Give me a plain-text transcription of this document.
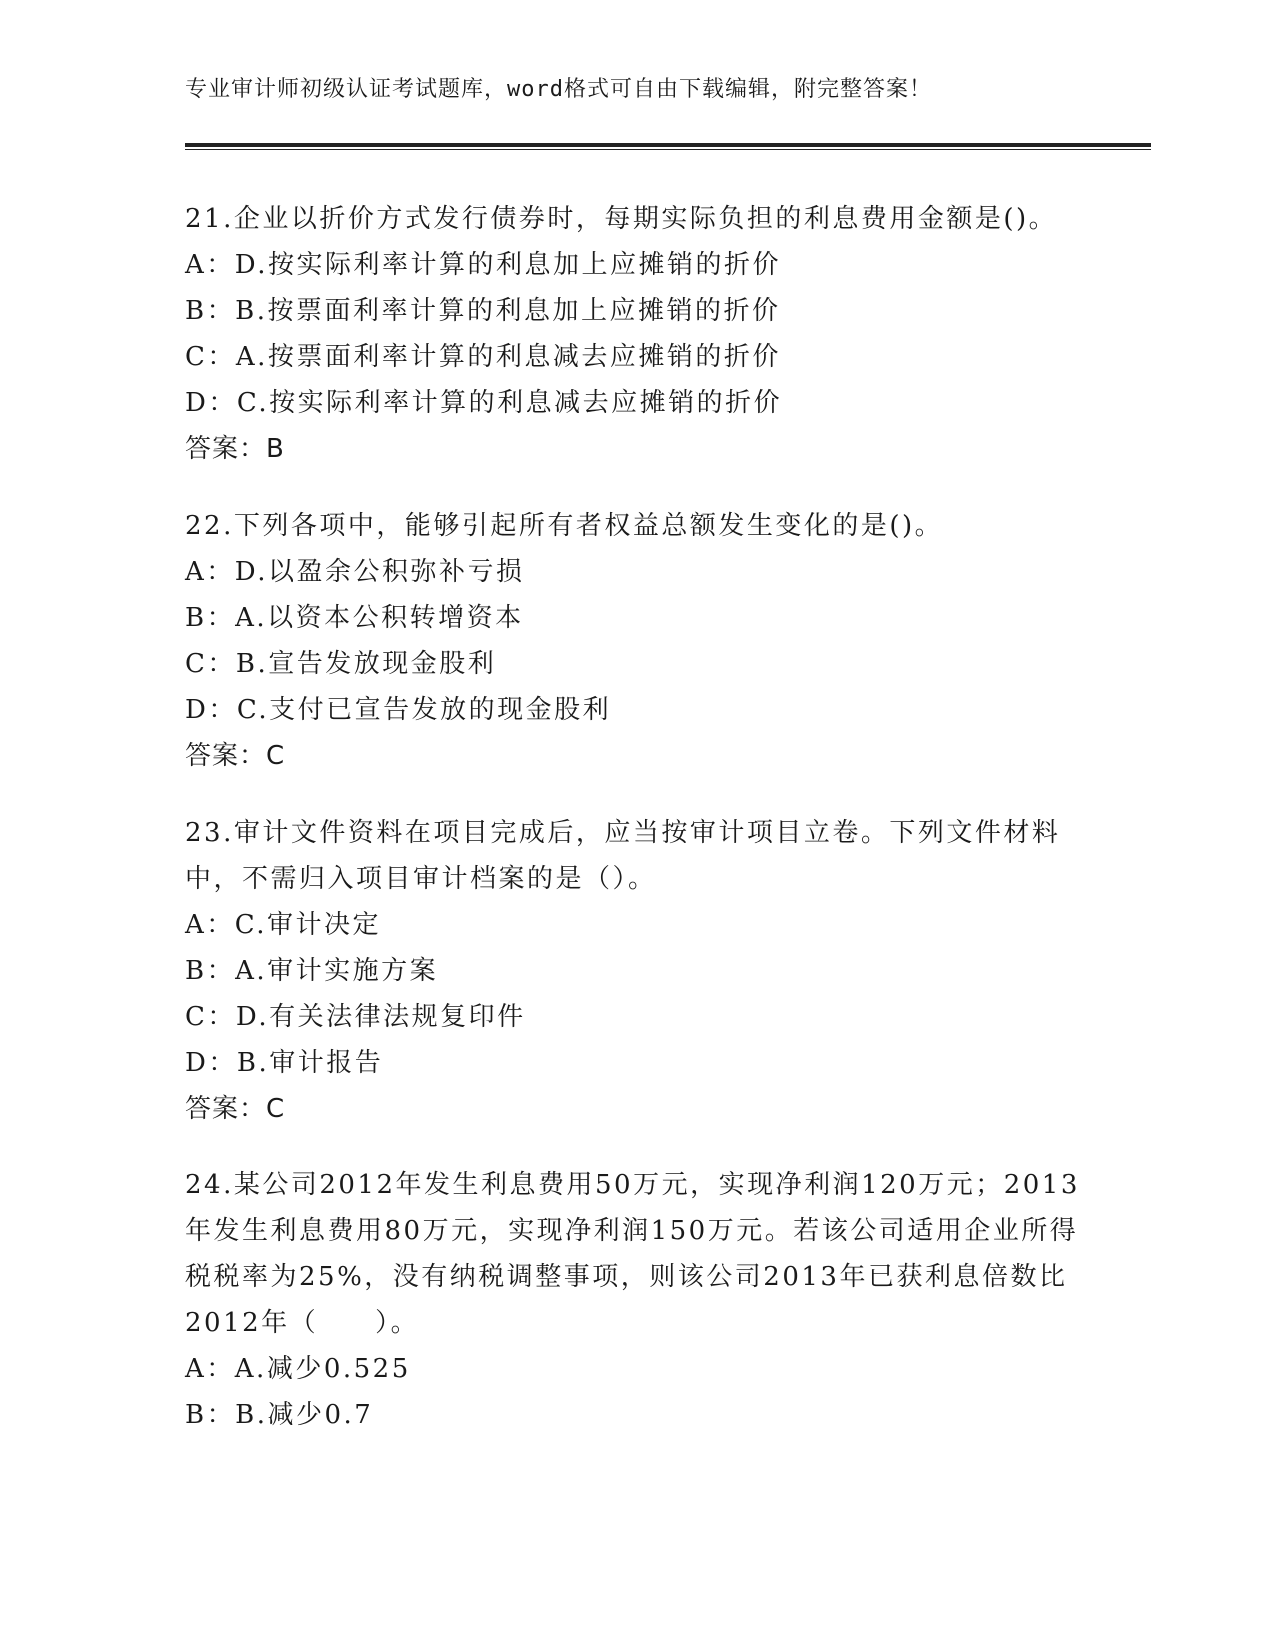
专业审计师初级认证考试题库，word格式可自由下载编辑，附完整答案！
21.企业以折价方式发行债券时，每期实际负担的利息费用金额是()。
A：D.按实际利率计算的利息加上应摊销的折价
B：B.按票面利率计算的利息加上应摊销的折价
C：A.按票面利率计算的利息减去应摊销的折价
D：C.按实际利率计算的利息减去应摊销的折价
答案：B
22.下列各项中，能够引起所有者权益总额发生变化的是()。
A：D.以盈余公积弥补亏损
B：A.以资本公积转增资本
C：B.宣告发放现金股利
D：C.支付已宣告发放的现金股利
答案：C
23.审计文件资料在项目完成后，应当按审计项目立卷。下列文件材料中，不需归入项目审计档案的是（）。
A：C.审计决定
B：A.审计实施方案
C：D.有关法律法规复印件
D：B.审计报告
答案：C
24.某公司2012年发生利息费用50万元，实现净利润120万元；2013年发生利息费用80万元，实现净利润150万元。若该公司适用企业所得税税率为25%，没有纳税调整事项，则该公司2013年已获利息倍数比2012年（　　）。
A：A.减少0.525
B：B.减少0.7
